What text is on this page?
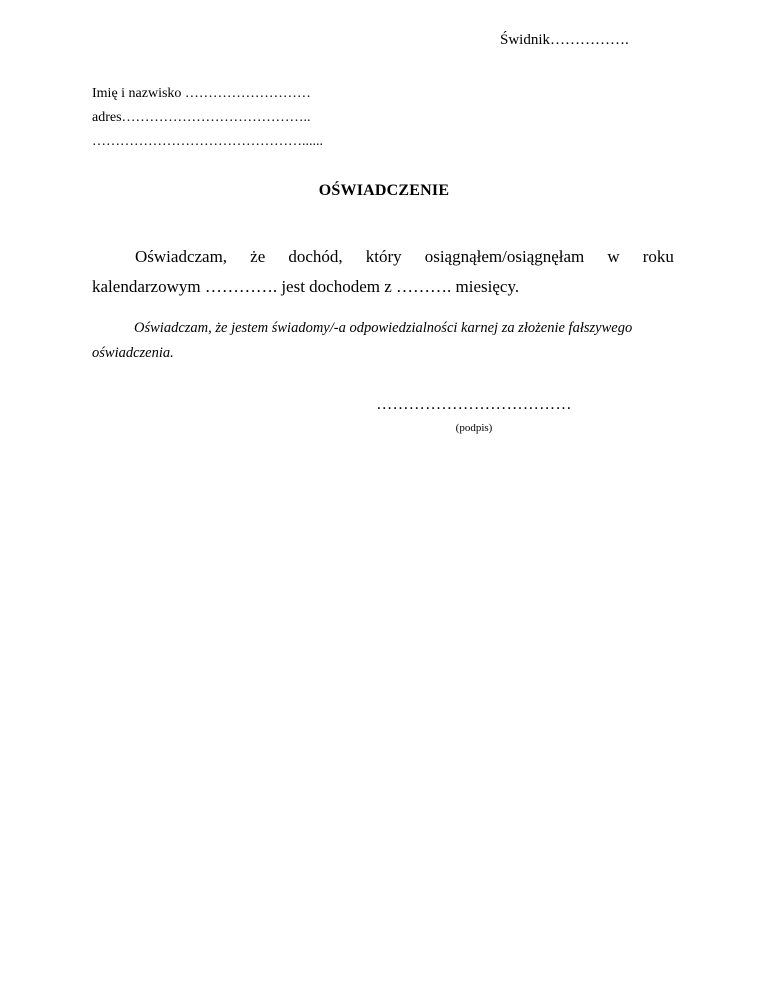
Świdnik…………….
Imię i nazwisko ………………………
adres…………………………………..
………………………………………......
OŚWIADCZENIE
Oświadczam, że dochód, który osiągnąłem/osiągnęłam w roku
kalendarzowym …………. jest dochodem z ………. miesięcy.
Oświadczam, że jestem świadomy/-a odpowiedzialności karnej za złożenie fałszywego
oświadczenia.
………………………………
(podpis)
